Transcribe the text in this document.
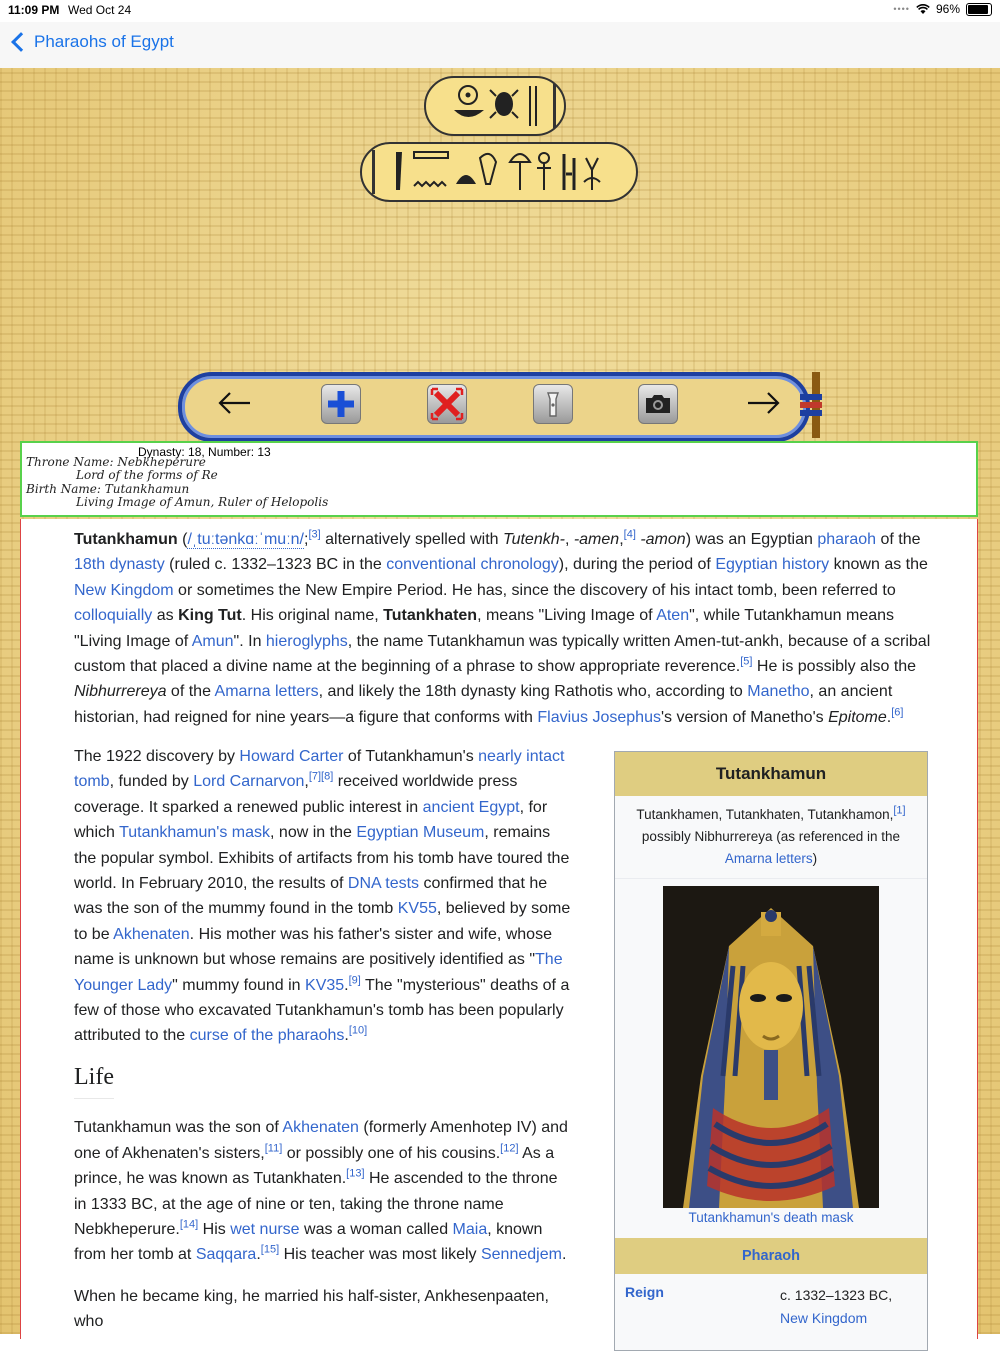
11:09 PM Wed Oct 24	•••• 96%
Pharaohs of Egypt
Dynasty: 18, Number: 13
Throne Name: Nebkheperure
Lord of the forms of Re
Birth Name: Tutankhamun
Living Image of Amun, Ruler of Helopolis

Tutankhamun (/ˌtuːtənkɑːˈmuːn/;[3] alternatively spelled with Tutenkh-, -amen,[4] -amon) was an Egyptian pharaoh of the 18th dynasty (ruled c. 1332–1323 BC in the conventional chronology), during the period of Egyptian history known as the New Kingdom or sometimes the New Empire Period. He has, since the discovery of his intact tomb, been referred to colloquially as King Tut. His original name, Tutankhaten, means "Living Image of Aten", while Tutankhamun means "Living Image of Amun". In hieroglyphs, the name Tutankhamun was typically written Amen-tut-ankh, because of a scribal custom that placed a divine name at the beginning of a phrase to show appropriate reverence.[5] He is possibly also the Nibhurrereya of the Amarna letters, and likely the 18th dynasty king Rathotis who, according to Manetho, an ancient historian, had reigned for nine years—a figure that conforms with Flavius Josephus's version of Manetho's Epitome.[6]

The 1922 discovery by Howard Carter of Tutankhamun's nearly intact tomb, funded by Lord Carnarvon,[7][8] received worldwide press coverage. It sparked a renewed public interest in ancient Egypt, for which Tutankhamun's mask, now in the Egyptian Museum, remains the popular symbol. Exhibits of artifacts from his tomb have toured the world. In February 2010, the results of DNA tests confirmed that he was the son of the mummy found in the tomb KV55, believed by some to be Akhenaten. His mother was his father's sister and wife, whose name is unknown but whose remains are positively identified as "The Younger Lady" mummy found in KV35.[9] The "mysterious" deaths of a few of those who excavated Tutankhamun's tomb has been popularly attributed to the curse of the pharaohs.[10]

Life

Tutankhamun was the son of Akhenaten (formerly Amenhotep IV) and one of Akhenaten's sisters,[11] or possibly one of his cousins.[12] As a prince, he was known as Tutankhaten.[13] He ascended to the throne in 1333 BC, at the age of nine or ten, taking the throne name Nebkheperure.[14] His wet nurse was a woman called Maia, known from her tomb at Saqqara.[15] His teacher was most likely Sennedjem.

When he became king, he married his half-sister, Ankhesenpaaten, who

Tutankhamun
Tutankhamen, Tutankhaten, Tutankhamon,[1]
possibly Nibhurrereya (as referenced in the Amarna letters)
Tutankhamun's death mask
Pharaoh
Reign	c. 1332–1323 BC,
New Kingdom
